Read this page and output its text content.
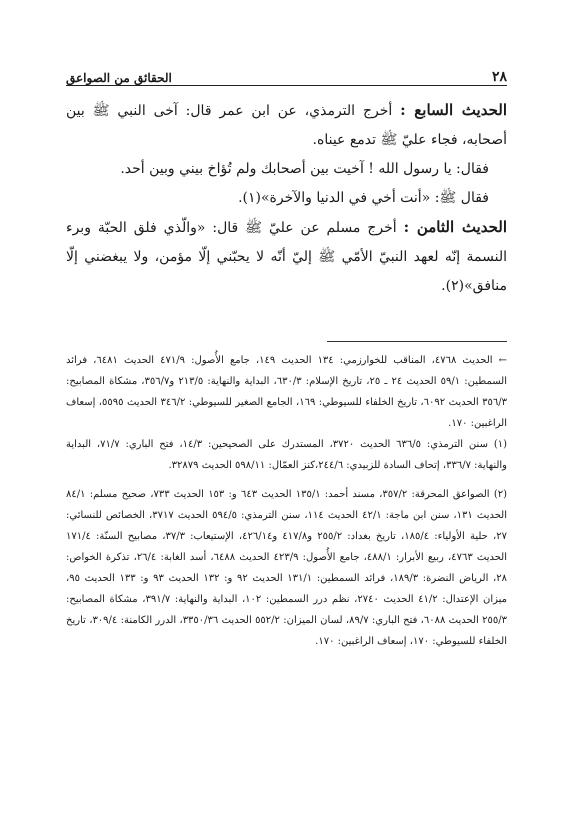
٢٨
الحقائق من الصواعق

الحديث السابع : أخرج الترمذي، عن ابن عمر قال: آخى النبي ﷺ بين أصحابه، فجاء عليّ ﷺ تدمع عيناه.

فقال: يا رسول الله ! آخيت بين أصحابك ولم تُؤاخ بيني وبين أحد.

فقال ﷺ: «أنت أخي في الدنيا والآخرة»(١).

الحديث الثامن : أخرج مسلم عن عليّ ﷺ قال: «والّذي فلق الحبّة وبرء النسمة إنّه لعهد النبيّ الأمّي ﷺ إليّ أنّه لا يحبّني إلّا مؤمن، ولا يبغضني إلّا منافق»(٢).

← الحديث ٤٧٦٨، المناقب للخوارزمي: ١٣٤ الحديث ١٤٩، جامع الأُصول: ٤٧١/٩ الحديث ٦٤٨١، فرائد السمطين: ٥٩/١ الحديث ٢٤ ـ ٢٥، تاريخ الإسلام: ٦٣٠/٣، البداية والنهاية: ٢١٣/٥ و٣٥٦/٧، مشكاة المصابيح: ٣٥٦/٣ الحديث ٦٠٩٢، تاريخ الخلفاء للسيوطي: ١٦٩، الجامع الصغير للسيوطي: ٣٤٦/٢ الحديث ٥٥٩٥، إسعاف الراغبين: ١٧٠.

(١) سنن الترمذي: ٦٣٦/٥ الحديث ٣٧٢٠، المستدرك على الصحيحين: ١٤/٣، فتح الباري: ٧١/٧، البداية والنهاية: ٣٣٦/٧، إتحاف السادة للزبيدي: ٢٤٤/٦،كنز العمّال: ٥٩٨/١١ الحديث ٣٢٨٧٩.

(٢) الصواعق المحرقة: ٣٥٧/٢، مسند أحمد: ١٣٥/١ الحديث ٦٤٣ و: ١٥٣ الحديث ٧٣٣، صحيح مسلم: ٨٤/١ الحديث ١٣١، سنن ابن ماجة: ٤٢/١ الحديث ١١٤، سنن الترمذي: ٥٩٤/٥ الحديث ٣٧١٧، الخصائص للنسائي: ٢٧، حلية الأولياء: ١٨٥/٤، تاريخ بغداد: ٢٥٥/٢ و٤١٧/٨ و٤٢٦/١٤، الإستيعاب: ٣٧/٣، مصابيح السنّة: ١٧١/٤ الحديث ٤٧٦٣، ربيع الأبرار: ٤٨٨/١، جامع الأُصول: ٤٢٣/٩ الحديث ٦٤٨٨، أسد الغابة: ٢٦/٤، تذكرة الخواص: ٢٨، الرياض النضرة: ١٨٩/٣، فرائد السمطين: ١٣١/١ الحديث ٩٢ و: ١٣٢ الحديث ٩٣ و: ١٣٣ الحديث ٩٥، ميزان الإعتدال: ٤١/٢ الحديث ٢٧٤٠، نظم درر السمطين: ١٠٢، البداية والنهاية: ٣٩١/٧، مشكاة المصابيح: ٢٥٥/٣ الحديث ٦٠٨٨، فتح الباري: ٨٩/٧، لسان الميزان: ٥٥٢/٢ الحديث ٣٣٥٠/٣٦، الدرر الكامنة: ٣٠٩/٤، تاريخ الخلفاء للسيوطي: ١٧٠، إسعاف الراغبين: ١٧٠.
